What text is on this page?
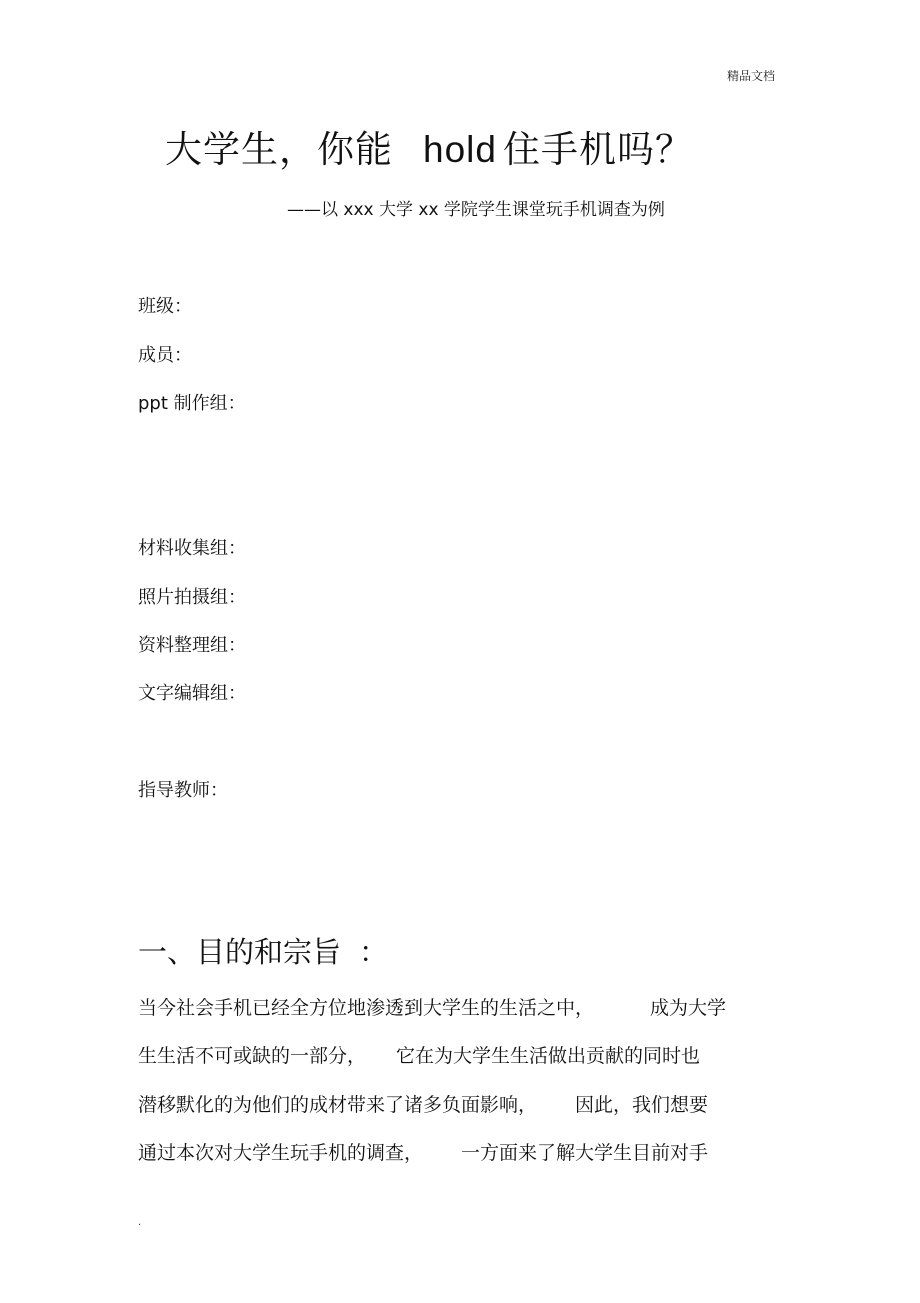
精品文档
大学生，你能 hold 住手机吗？
——以 xxx 大学 xx 学院学生课堂玩手机调查为例
班级：
成员：
ppt 制作组：
材料收集组：
照片拍摄组：
资料整理组：
文字编辑组：
指导教师：
一、目的和宗旨 ：
当今社会手机已经全方位地渗透到大学生的生活之中，	成为大学
生生活不可或缺的一部分， 它在为大学生生活做出贡献的同时也
潜移默化的为他们的成材带来了诸多负面影响， 因此，我们想要
通过本次对大学生玩手机的调查， 一方面来了解大学生目前对手
.
